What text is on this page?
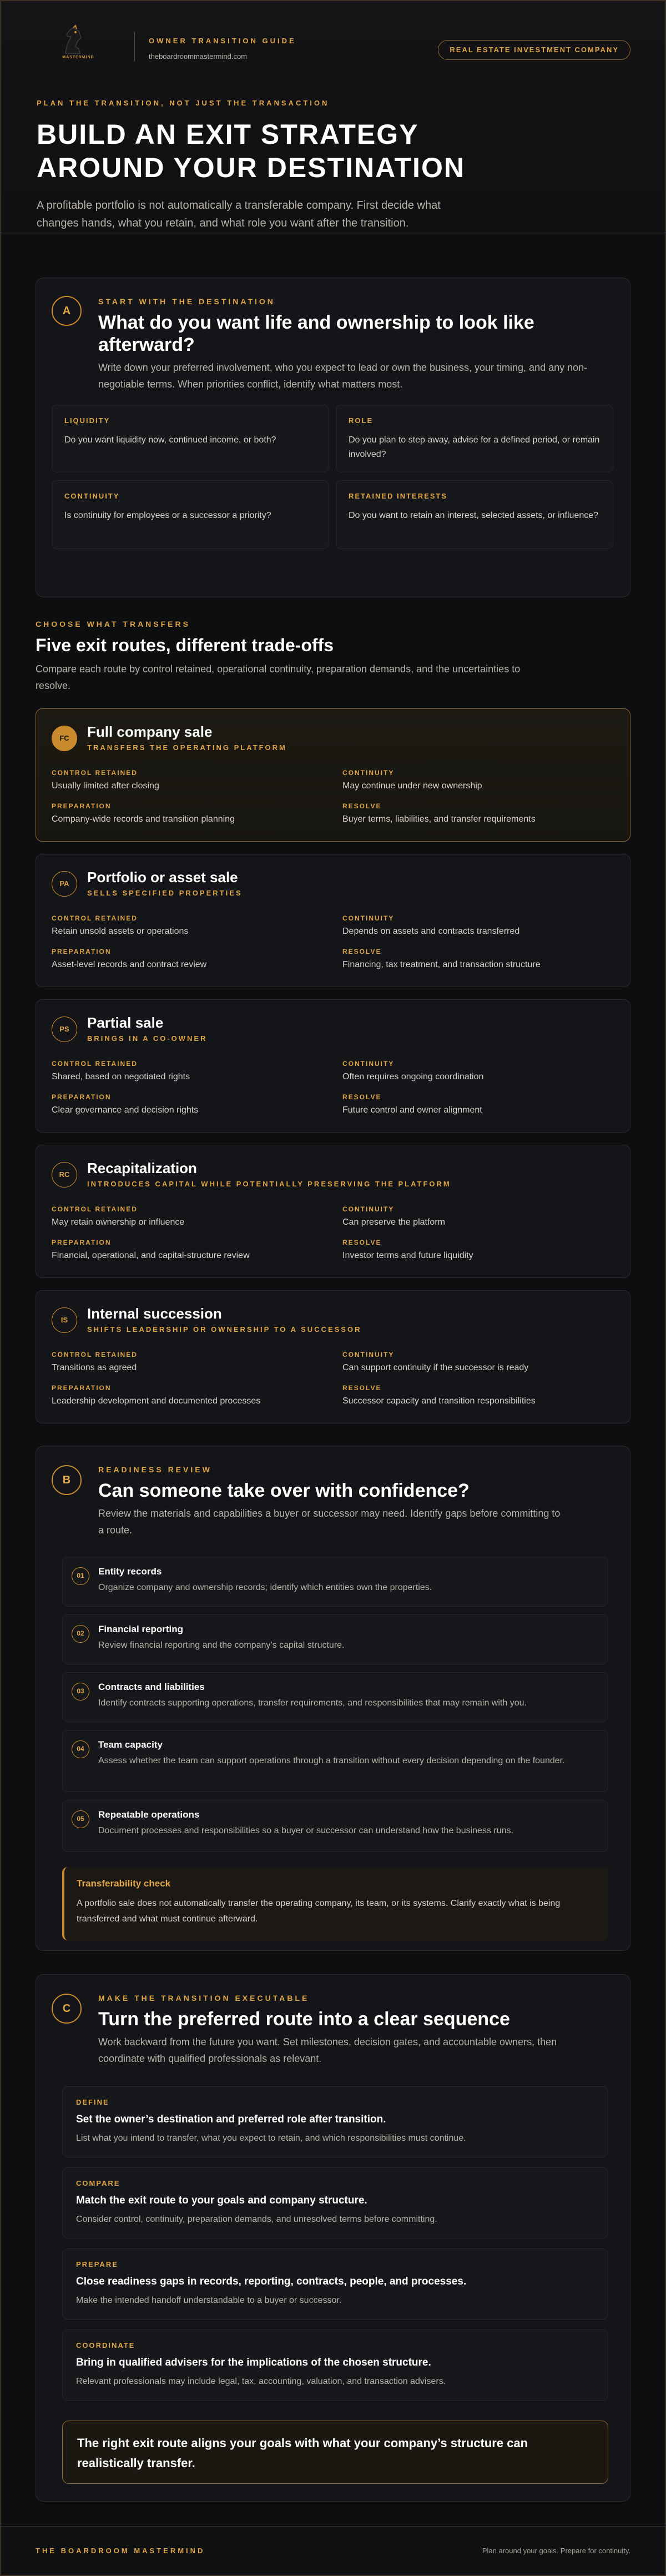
MASTERMIND
OWNER TRANSITION GUIDE
theboardroommastermind.com
REAL ESTATE INVESTMENT COMPANY
PLAN THE TRANSITION, NOT JUST THE TRANSACTION
BUILD AN EXIT STRATEGY
AROUND YOUR DESTINATION
A profitable portfolio is not automatically a transferable company. First decide what changes hands, what you retain, and what role you want after the transition.
A
START WITH THE DESTINATION
What do you want life and ownership to look like afterward?
Write down your preferred involvement, who you expect to lead or own the business, your timing, and any non-negotiable terms. When priorities conflict, identify what matters most.
LIQUIDITY
Do you want liquidity now, continued income, or both?
ROLE
Do you plan to step away, advise for a defined period, or remain involved?
CONTINUITY
Is continuity for employees or a successor a priority?
RETAINED INTERESTS
Do you want to retain an interest, selected assets, or influence?
CHOOSE WHAT TRANSFERS
Five exit routes, different trade-offs
Compare each route by control retained, operational continuity, preparation demands, and the uncertainties to resolve.
FC	Full company sale
TRANSFERS THE OPERATING PLATFORM
CONTROL RETAINED
Usually limited after closing
CONTINUITY
May continue under new ownership
PREPARATION
Company-wide records and transition planning
RESOLVE
Buyer terms, liabilities, and transfer requirements
PA	Portfolio or asset sale
SELLS SPECIFIED PROPERTIES
CONTROL RETAINED
Retain unsold assets or operations
CONTINUITY
Depends on assets and contracts transferred
PREPARATION
Asset-level records and contract review
RESOLVE
Financing, tax treatment, and transaction structure
PS	Partial sale
BRINGS IN A CO-OWNER
CONTROL RETAINED
Shared, based on negotiated rights
CONTINUITY
Often requires ongoing coordination
PREPARATION
Clear governance and decision rights
RESOLVE
Future control and owner alignment
RC	Recapitalization
INTRODUCES CAPITAL WHILE POTENTIALLY PRESERVING THE PLATFORM
CONTROL RETAINED
May retain ownership or influence
CONTINUITY
Can preserve the platform
PREPARATION
Financial, operational, and capital-structure review
RESOLVE
Investor terms and future liquidity
IS	Internal succession
SHIFTS LEADERSHIP OR OWNERSHIP TO A SUCCESSOR
CONTROL RETAINED
Transitions as agreed
CONTINUITY
Can support continuity if the successor is ready
PREPARATION
Leadership development and documented processes
RESOLVE
Successor capacity and transition responsibilities
B
READINESS REVIEW
Can someone take over with confidence?
Review the materials and capabilities a buyer or successor may need. Identify gaps before committing to a route.
01	Entity records
Organize company and ownership records; identify which entities own the properties.
02	Financial reporting
Review financial reporting and the company’s capital structure.
03	Contracts and liabilities
Identify contracts supporting operations, transfer requirements, and responsibilities that may remain with you.
04	Team capacity
Assess whether the team can support operations through a transition without every decision depending on the founder.
05	Repeatable operations
Document processes and responsibilities so a buyer or successor can understand how the business runs.
Transferability check
A portfolio sale does not automatically transfer the operating company, its team, or its systems. Clarify exactly what is being transferred and what must continue afterward.
C
MAKE THE TRANSITION EXECUTABLE
Turn the preferred route into a clear sequence
Work backward from the future you want. Set milestones, decision gates, and accountable owners, then coordinate with qualified professionals as relevant.
DEFINE
Set the owner’s destination and preferred role after transition.
List what you intend to transfer, what you expect to retain, and which responsibilities must continue.
COMPARE
Match the exit route to your goals and company structure.
Consider control, continuity, preparation demands, and unresolved terms before committing.
PREPARE
Close readiness gaps in records, reporting, contracts, people, and processes.
Make the intended handoff understandable to a buyer or successor.
COORDINATE
Bring in qualified advisers for the implications of the chosen structure.
Relevant professionals may include legal, tax, accounting, valuation, and transaction advisers.
The right exit route aligns your goals with what your company’s structure can realistically transfer.
THE BOARDROOM MASTERMIND	Plan around your goals. Prepare for continuity.
